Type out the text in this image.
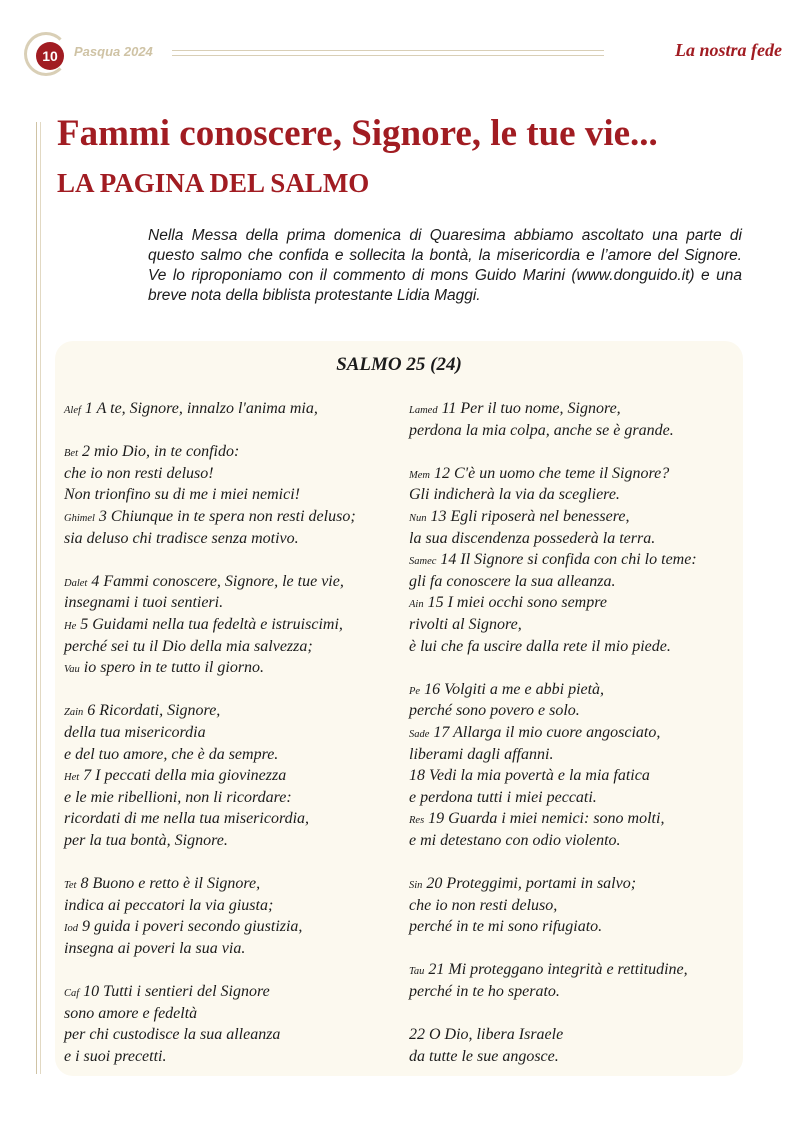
10	Pasqua 2024	La nostra fede
Fammi conoscere, Signore, le tue vie...
LA PAGINA DEL SALMO

Nella Messa della prima domenica di Quaresima abbiamo ascoltato una parte di questo salmo che confida e sollecita la bontà, la misericordia e l’amore del Signore. Ve lo riproponiamo con il commento di mons Guido Marini (www.donguido.it) e una breve nota della biblista protestante Lidia Maggi.

SALMO 25 (24)
Alef 1 A te, Signore, innalzo l'anima mia,
Bet 2 mio Dio, in te confido:
che io non resti deluso!
Non trionfino su di me i miei nemici!
Ghimel 3 Chiunque in te spera non resti deluso;
sia deluso chi tradisce senza motivo.
Dalet 4 Fammi conoscere, Signore, le tue vie,
insegnami i tuoi sentieri.
He 5 Guidami nella tua fedeltà e istruiscimi,
perché sei tu il Dio della mia salvezza;
Vau io spero in te tutto il giorno.
Zain 6 Ricordati, Signore,
della tua misericordia
e del tuo amore, che è da sempre.
Het 7 I peccati della mia giovinezza
e le mie ribellioni, non li ricordare:
ricordati di me nella tua misericordia,
per la tua bontà, Signore.
Tet 8 Buono e retto è il Signore,
indica ai peccatori la via giusta;
Iod 9 guida i poveri secondo giustizia,
insegna ai poveri la sua via.
Caf 10 Tutti i sentieri del Signore
sono amore e fedeltà
per chi custodisce la sua alleanza
e i suoi precetti.
Lamed 11 Per il tuo nome, Signore,
perdona la mia colpa, anche se è grande.
Mem 12 C'è un uomo che teme il Signore?
Gli indicherà la via da scegliere.
Nun 13 Egli riposerà nel benessere,
la sua discendenza possederà la terra.
Samec 14 Il Signore si confida con chi lo teme:
gli fa conoscere la sua alleanza.
Ain 15 I miei occhi sono sempre
rivolti al Signore,
è lui che fa uscire dalla rete il mio piede.
Pe 16 Volgiti a me e abbi pietà,
perché sono povero e solo.
Sade 17 Allarga il mio cuore angosciato,
liberami dagli affanni.
18 Vedi la mia povertà e la mia fatica
e perdona tutti i miei peccati.
Res 19 Guarda i miei nemici: sono molti,
e mi detestano con odio violento.
Sin 20 Proteggimi, portami in salvo;
che io non resti deluso,
perché in te mi sono rifugiato.
Tau 21 Mi proteggano integrità e rettitudine,
perché in te ho sperato.
22 O Dio, libera Israele
da tutte le sue angosce.
